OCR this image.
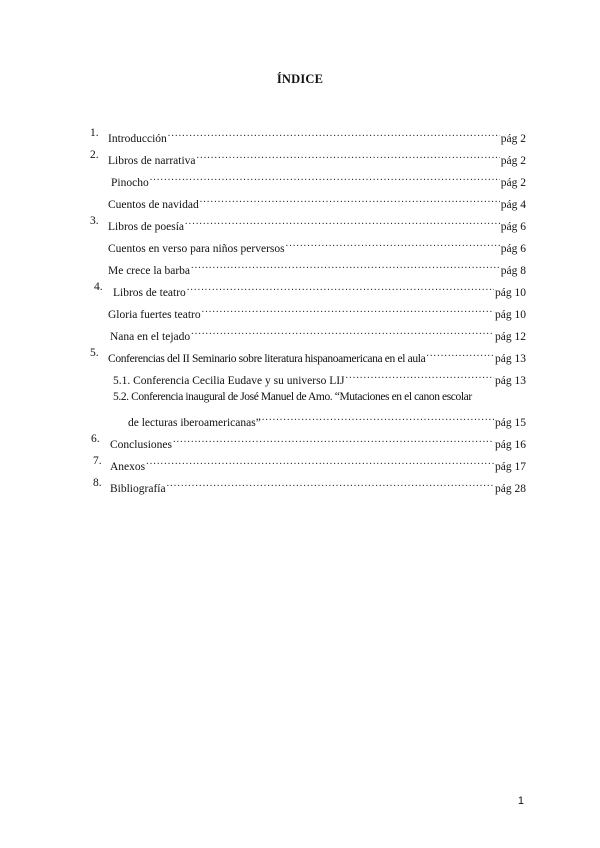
ÍNDICE
1. Introducción .....	pág 2
2. Libros de narrativa .....	pág 2
Pinocho .....	pág 2
Cuentos de navidad .....	pág 4
3. Libros de poesía .....	pág 6
Cuentos en verso para niños perversos .....	pág 6
Me crece la barba .....	pág 8
4. Libros de teatro .....	pág 10
Gloria fuertes teatro .....	pág 10
Nana en el tejado .....	pág 12
5. Conferencias del II Seminario sobre literatura hispanoamericana en el aula .....	pág 13
5.1. Conferencia Cecilia Eudave y su universo LIJ .....	pág 13
5.2. Conferencia inaugural de José Manuel de Amo. “Mutaciones en el canon escolar
de lecturas iberoamericanas” .....	pág 15
6. Conclusiones .....	pág 16
7. Anexos .....	pág 17
8. Bibliografía .....	pág 28
1
